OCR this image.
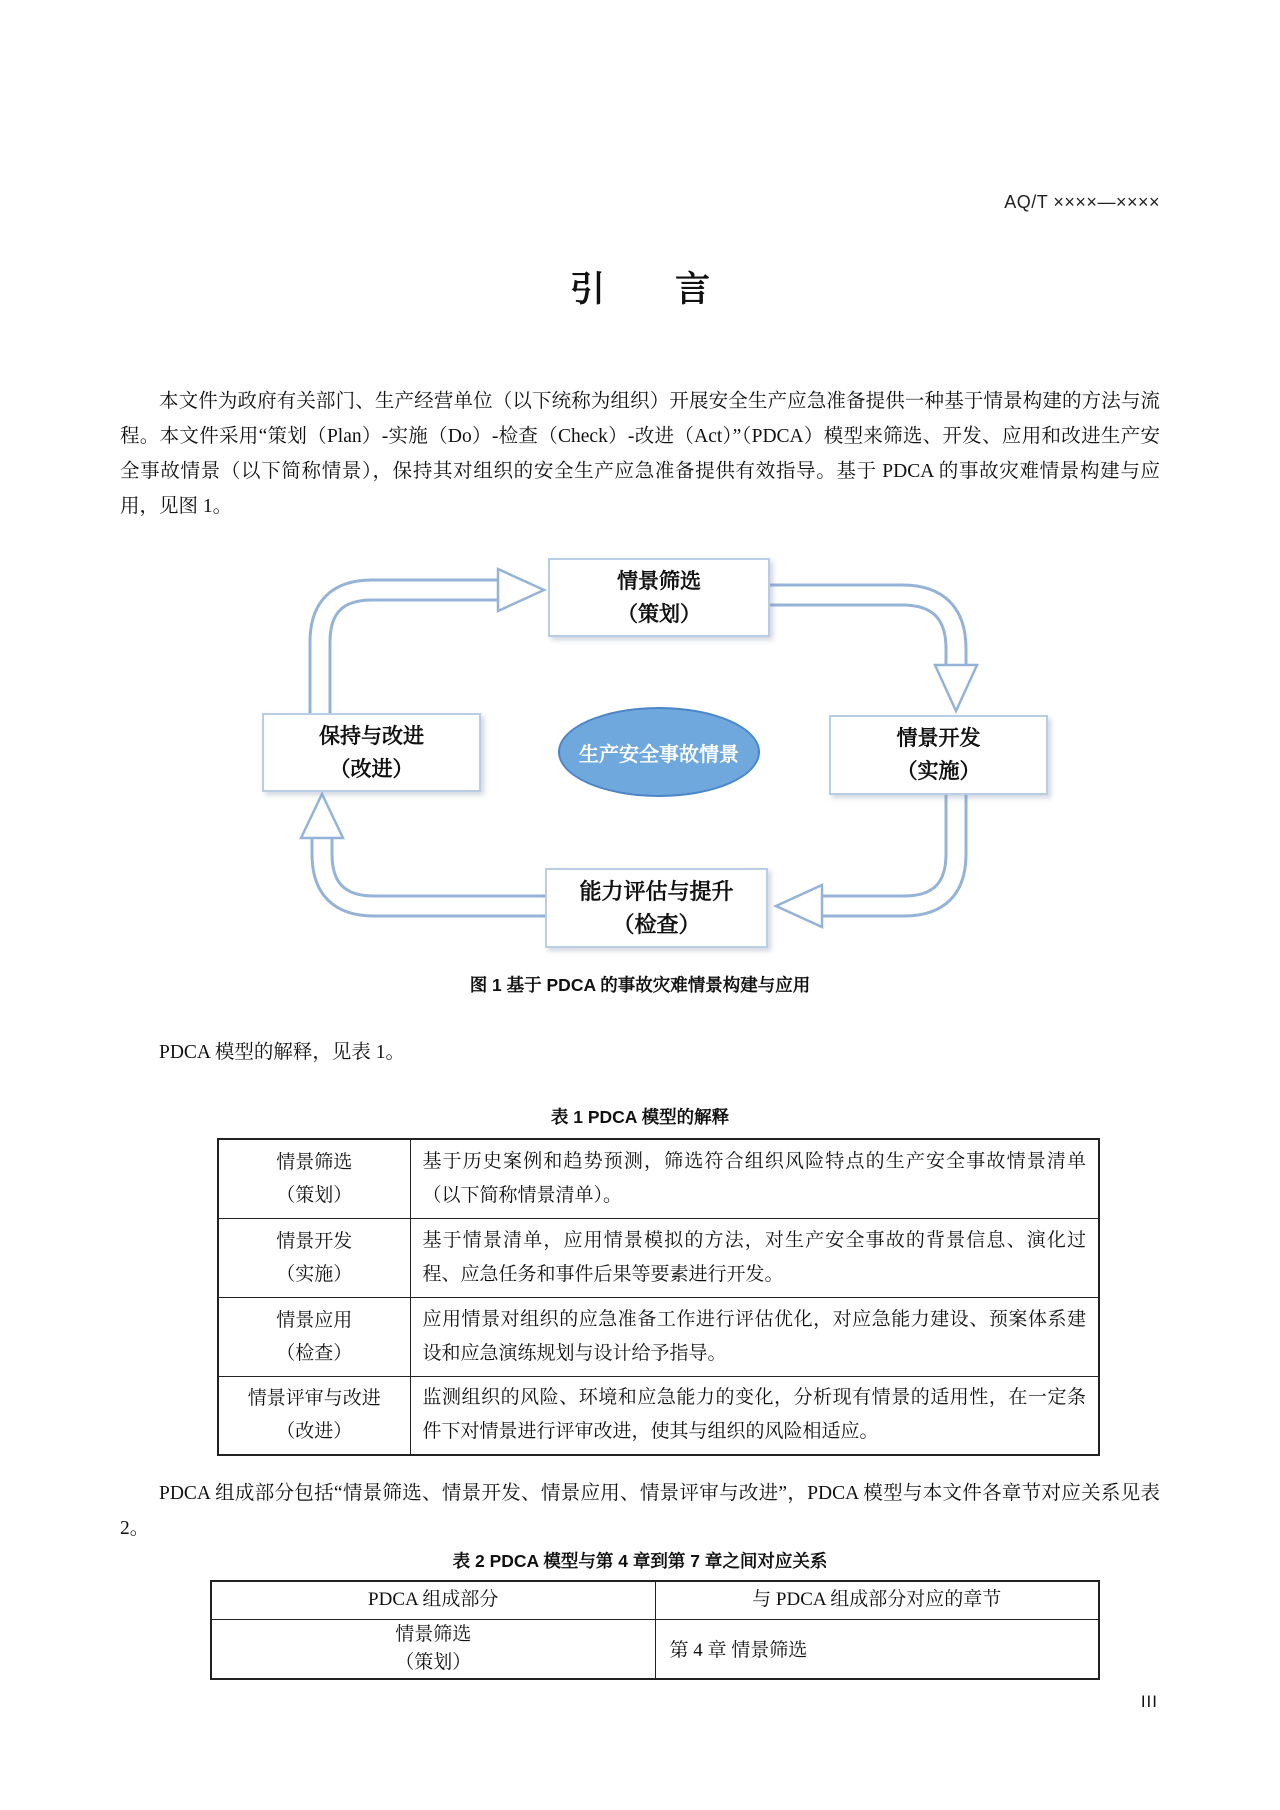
AQ/T ××××—××××
引　　言

本文件为政府有关部门、生产经营单位（以下统称为组织）开展安全生产应急准备提供一种基于情景构建的方法与流程。本文件采用“策划（Plan）-实施（Do）-检查（Check）-改进（Act）”（PDCA）模型来筛选、开发、应用和改进生产安全事故情景（以下简称情景），保持其对组织的安全生产应急准备提供有效指导。基于 PDCA 的事故灾难情景构建与应用，见图 1。

情景筛选
（策划）
情景开发
（实施）
能力评估与提升
（检查）
保持与改进
（改进）
生产安全事故情景
图 1 基于 PDCA 的事故灾难情景构建与应用
PDCA 模型的解释，见表 1。
表 1 PDCA 模型的解释
情景筛选
（策划）	基于历史案例和趋势预测，筛选符合组织风险特点的生产安全事故情景清单（以下简称情景清单）。

情景开发
（实施）	基于情景清单，应用情景模拟的方法，对生产安全事故的背景信息、演化过程、应急任务和事件后果等要素进行开发。

情景应用
（检查）	应用情景对组织的应急准备工作进行评估优化，对应急能力建设、预案体系建设和应急演练规划与设计给予指导。

情景评审与改进
（改进）	监测组织的风险、环境和应急能力的变化，分析现有情景的适用性，在一定条件下对情景进行评审改进，使其与组织的风险相适应。

PDCA 组成部分包括“情景筛选、情景开发、情景应用、情景评审与改进”，PDCA 模型与本文件各章节对应关系见表 2。

表 2 PDCA 模型与第 4 章到第 7 章之间对应关系
PDCA 组成部分	与 PDCA 组成部分对应的章节

情景筛选
（策划）	第 4 章 情景筛选
III
